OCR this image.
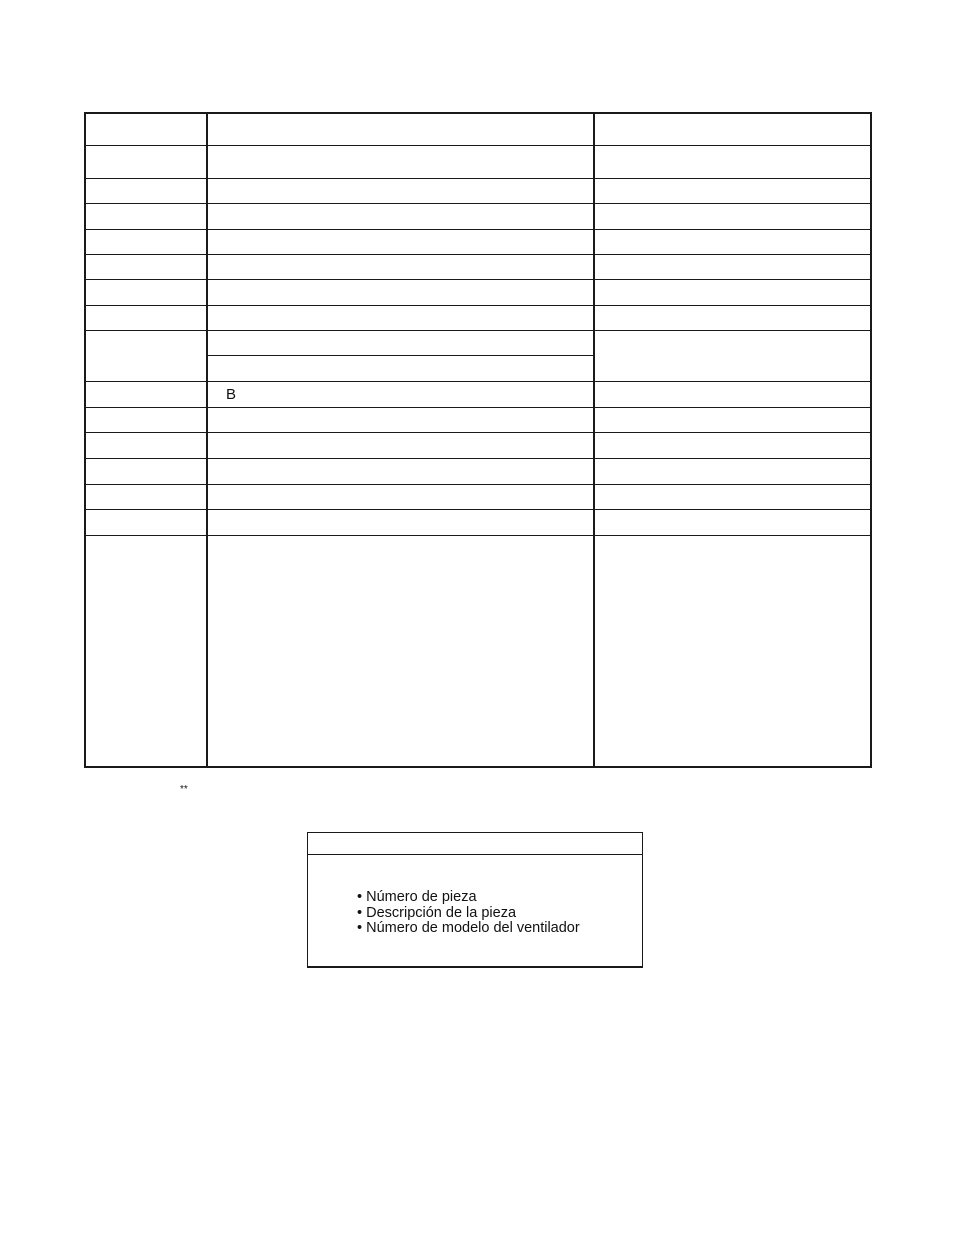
	B	

**
• Número de pieza
• Descripción de la pieza
• Número de modelo del ventilador
